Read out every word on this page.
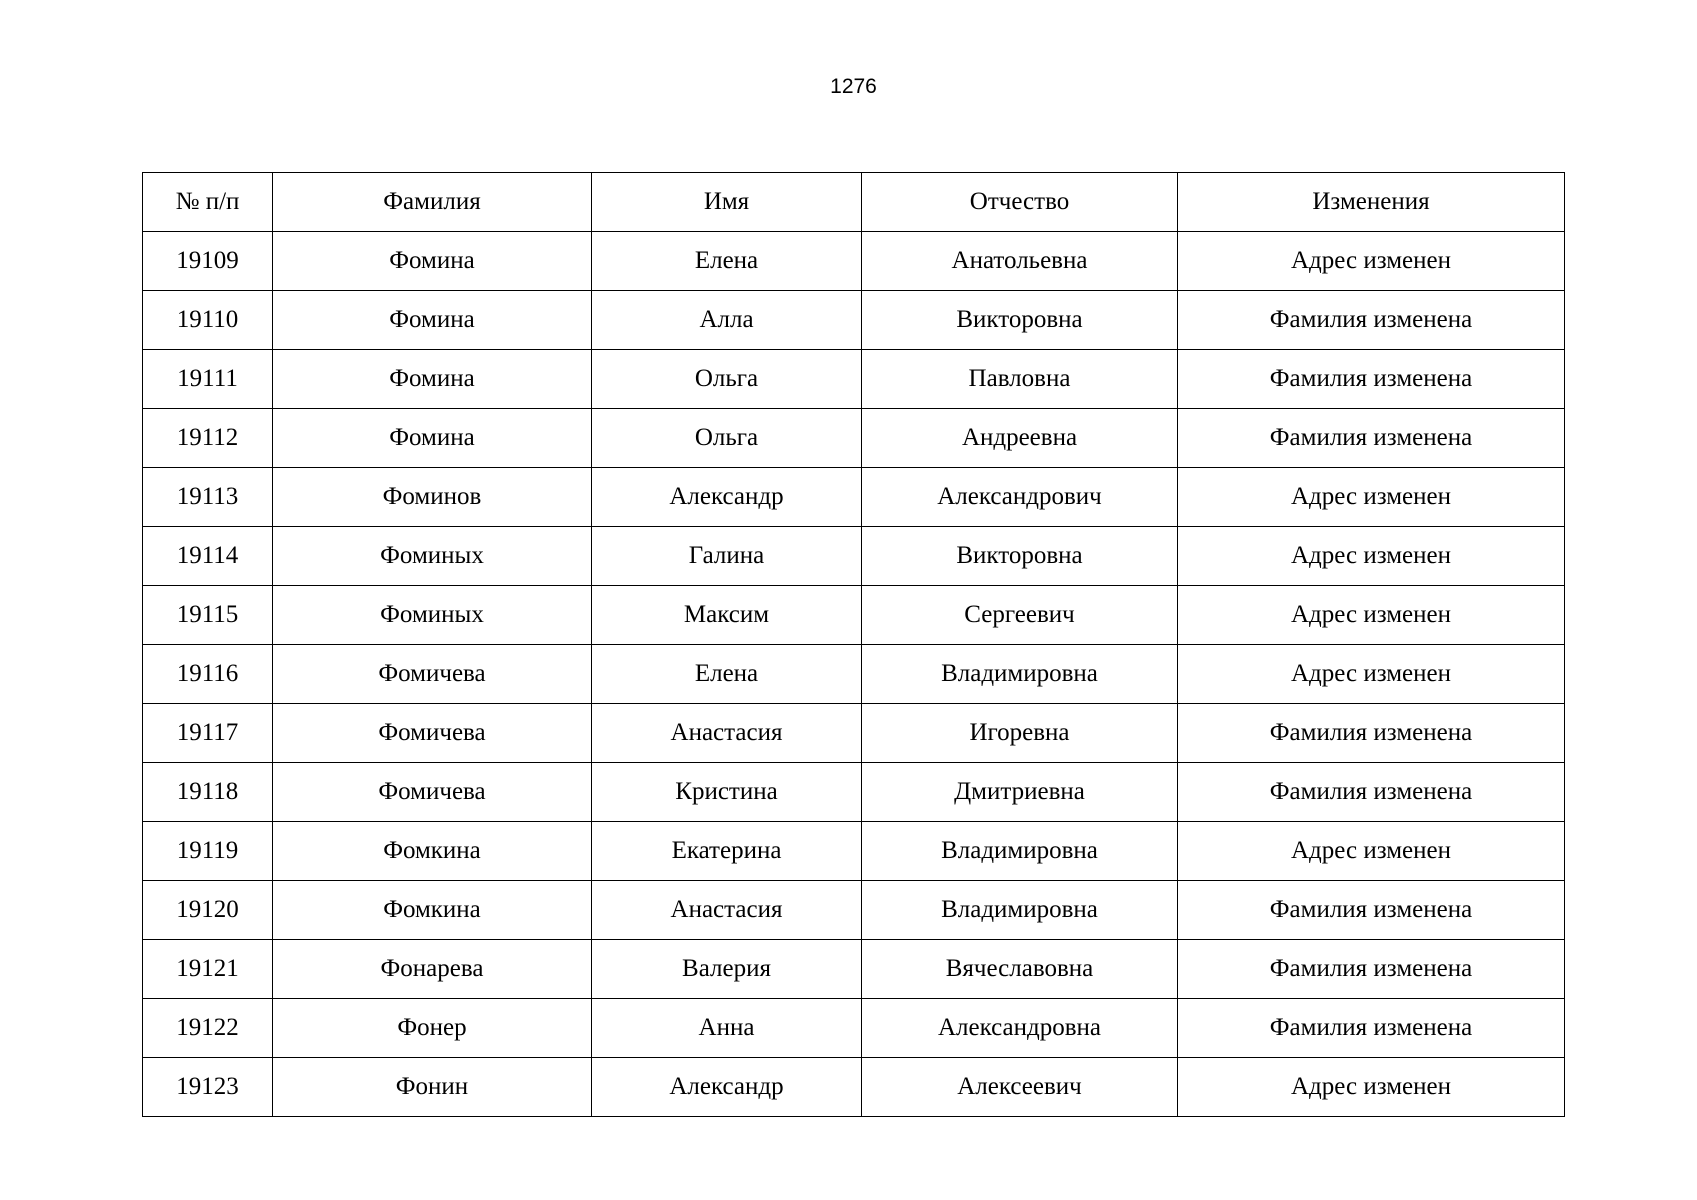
1276
№ п/п	Фамилия	Имя	Отчество	Изменения
19109	Фомина	Елена	Анатольевна	Адрес изменен
19110	Фомина	Алла	Викторовна	Фамилия изменена
19111	Фомина	Ольга	Павловна	Фамилия изменена
19112	Фомина	Ольга	Андреевна	Фамилия изменена
19113	Фоминов	Александр	Александрович	Адрес изменен
19114	Фоминых	Галина	Викторовна	Адрес изменен
19115	Фоминых	Максим	Сергеевич	Адрес изменен
19116	Фомичева	Елена	Владимировна	Адрес изменен
19117	Фомичева	Анастасия	Игоревна	Фамилия изменена
19118	Фомичева	Кристина	Дмитриевна	Фамилия изменена
19119	Фомкина	Екатерина	Владимировна	Адрес изменен
19120	Фомкина	Анастасия	Владимировна	Фамилия изменена
19121	Фонарева	Валерия	Вячеславовна	Фамилия изменена
19122	Фонер	Анна	Александровна	Фамилия изменена
19123	Фонин	Александр	Алексеевич	Адрес изменен
